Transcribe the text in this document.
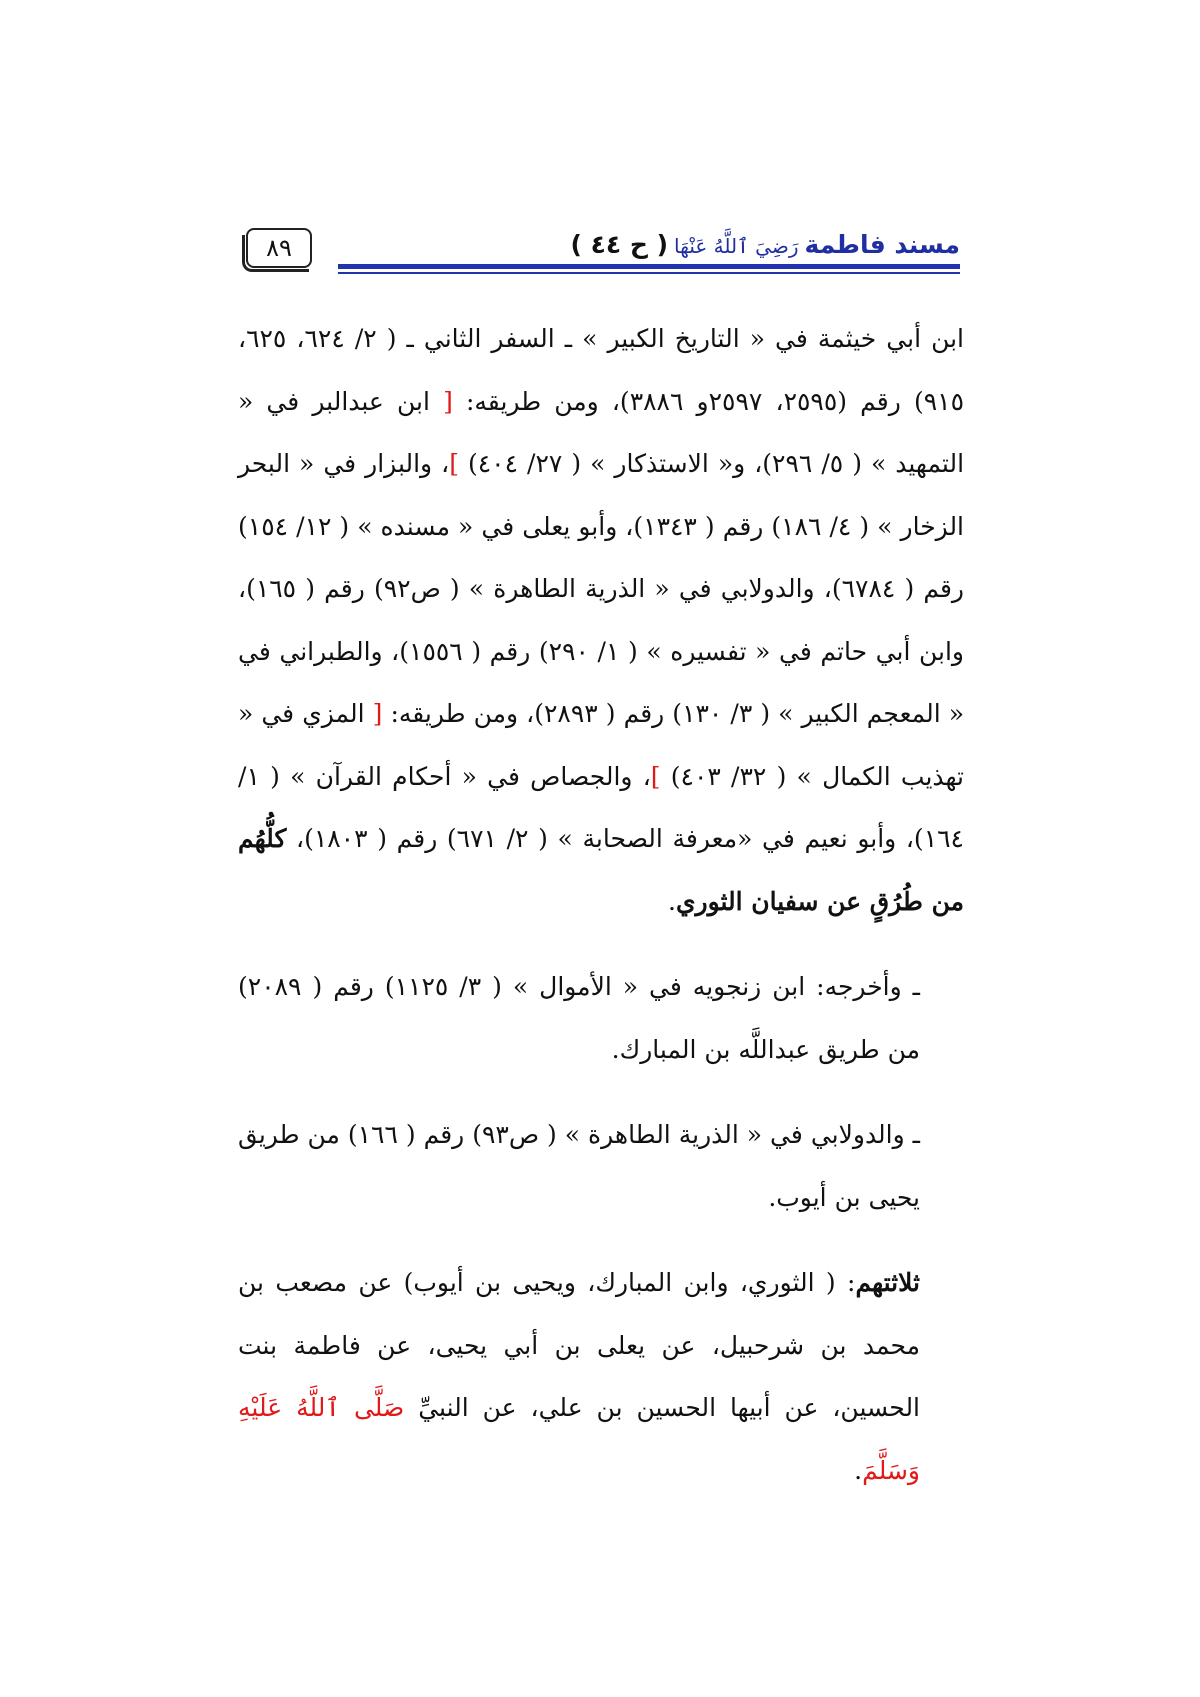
٨٩	مسند فاطمةرَضِيَ ٱللَّهُ عَنْهَا( ح ٤٤ )

ابن أبي خيثمة في « التاريخ الكبير » ـ السفر الثاني ـ ( ٢/ ٦٢٤، ٦٢٥، ٩١٥) رقم (٢٥٩٥، ٢٥٩٧و ٣٨٨٦)، ومن طريقه: [ ابن عبدالبر في « التمهيد » ( ٥/ ٢٩٦)، و« الاستذكار » ( ٢٧/ ٤٠٤) ]، والبزار في « البحر الزخار » ( ٤/ ١٨٦) رقم ( ١٣٤٣)، وأبو يعلى في « مسنده » ( ١٢/ ١٥٤) رقم ( ٦٧٨٤)، والدولابي في « الذرية الطاهرة » ( ص٩٢) رقم ( ١٦٥)، وابن أبي حاتم في « تفسيره » ( ١/ ٢٩٠) رقم ( ١٥٥٦)، والطبراني في « المعجم الكبير » ( ٣/ ١٣٠) رقم ( ٢٨٩٣)، ومن طريقه: [ المزي في « تهذيب الكمال » ( ٣٢/ ٤٠٣) ]، والجصاص في « أحكام القرآن » ( ١/ ١٦٤)، وأبو نعيم في «معرفة الصحابة » ( ٢/ ٦٧١) رقم ( ١٨٠٣)، كلُّهُم من طُرُقٍ عن سفيان الثوري.

ـ وأخرجه: ابن زنجويه في « الأموال » ( ٣/ ١١٢٥) رقم ( ٢٠٨٩) من طريق عبداللَّه بن المبارك.

ـ والدولابي في « الذرية الطاهرة » ( ص٩٣) رقم ( ١٦٦) من طريق يحيى بن أيوب.

ثلاثتهم: ( الثوري، وابن المبارك، ويحيى بن أيوب) عن مصعب بن محمد بن شرحبيل، عن يعلى بن أبي يحيى، عن فاطمة بنت الحسين، عن أبيها الحسين بن علي، عن النبيِّ صَلَّى ٱللَّهُ عَلَيْهِ وَسَلَّمَ.
